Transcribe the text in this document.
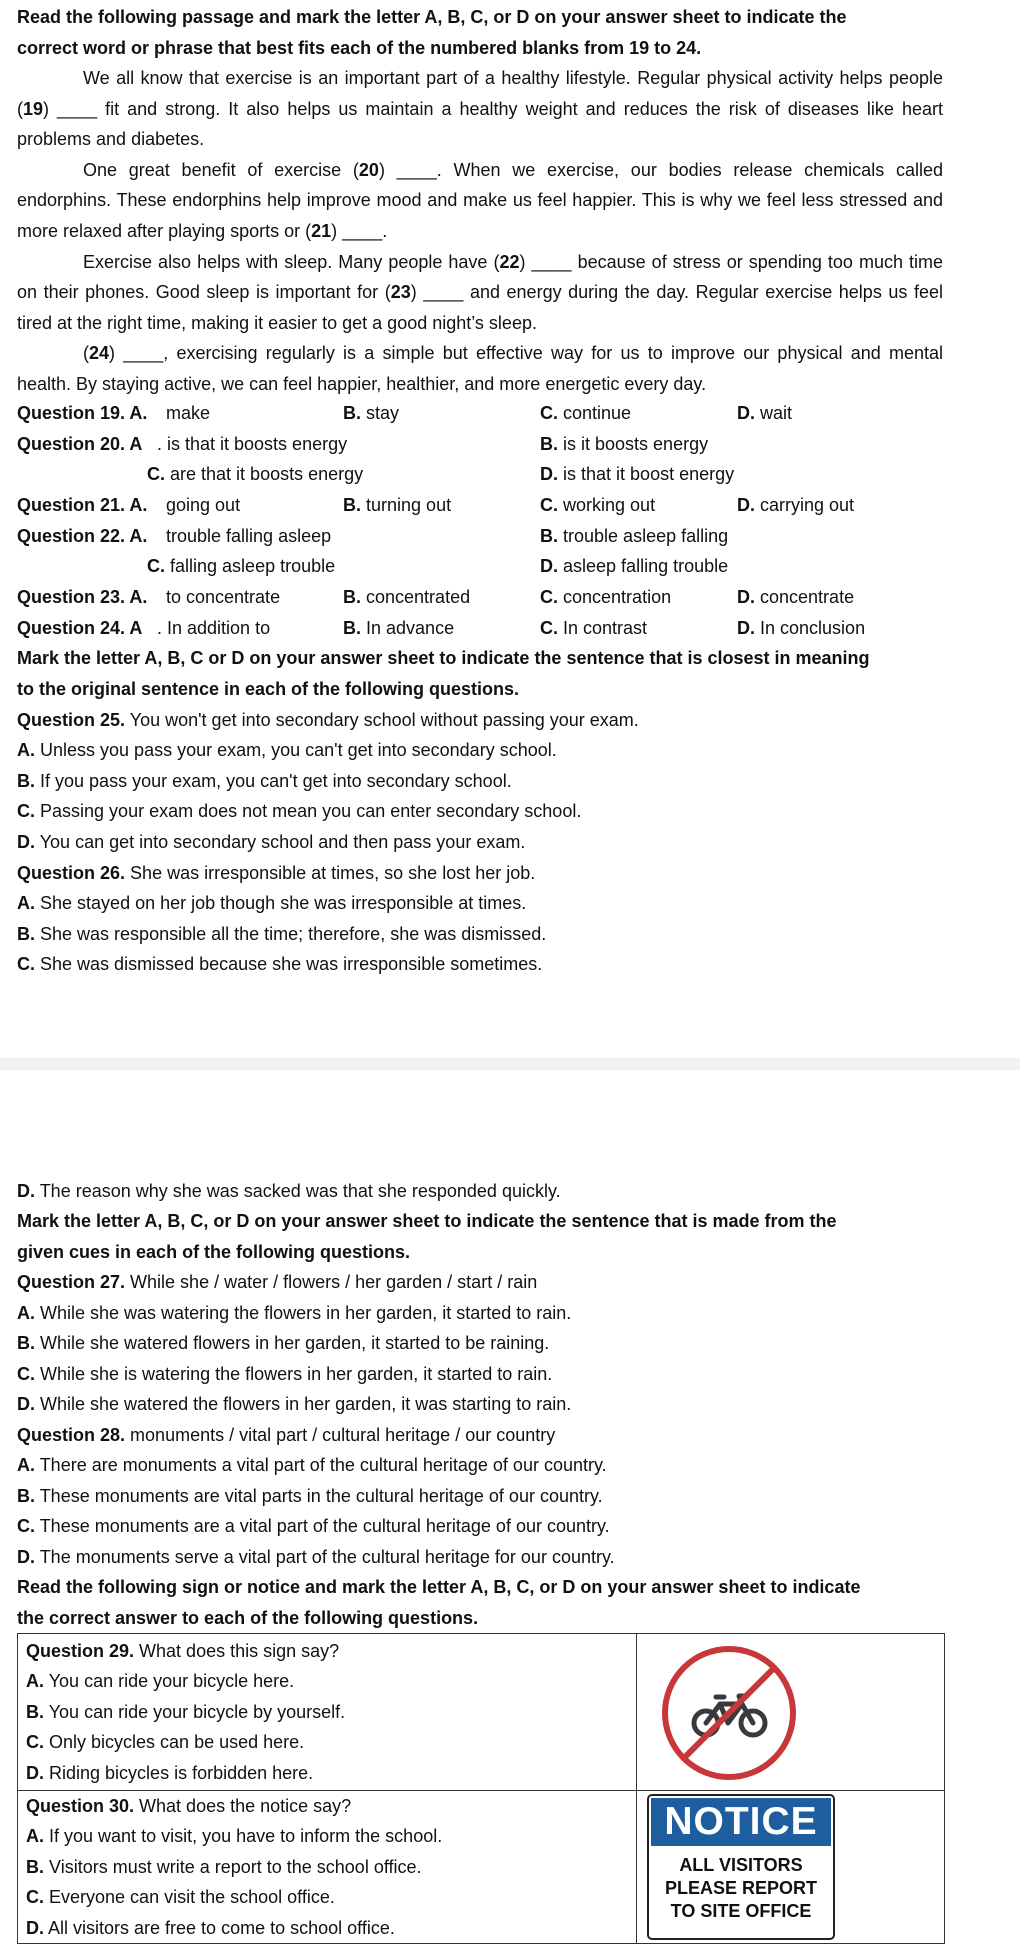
Read the following passage and mark the letter A, B, C, or D on your answer sheet to indicate the
correct word or phrase that best fits each of the numbered blanks from 19 to 24.

We all know that exercise is an important part of a healthy lifestyle. Regular physical activity helps people (19) ____ fit and strong. It also helps us maintain a healthy weight and reduces the risk of diseases like heart problems and diabetes.

One great benefit of exercise (20) ____. When we exercise, our bodies release chemicals called endorphins. These endorphins help improve mood and make us feel happier. This is why we feel less stressed and more relaxed after playing sports or (21) ____.

Exercise also helps with sleep. Many people have (22) ____ because of stress or spending too much time on their phones. Good sleep is important for (23) ____ and energy during the day. Regular exercise helps us feel tired at the right time, making it easier to get a good night’s sleep.

(24) ____, exercising regularly is a simple but effective way for us to improve our physical and mental health. By staying active, we can feel happier, healthier, and more energetic every day.

Question 19. A. make	B. stay	C. continue	D. wait
Question 20. A . is that it boosts energy	B. is it boosts energy
C. are that it boosts energy	D. is that it boost energy
Question 21. A. going out	B. turning out	C. working out	D. carrying out
Question 22. A. trouble falling asleep	B. trouble asleep falling
C. falling asleep trouble	D. asleep falling trouble
Question 23. A. to concentrate	B. concentrated	C. concentration	D. concentrate
Question 24. A . In addition to	B. In advance	C. In contrast	D. In conclusion
Mark the letter A, B, C or D on your answer sheet to indicate the sentence that is closest in meaning
to the original sentence in each of the following questions.
Question 25. You won't get into secondary school without passing your exam.
A. Unless you pass your exam, you can't get into secondary school.
B. If you pass your exam, you can't get into secondary school.
C. Passing your exam does not mean you can enter secondary school.
D. You can get into secondary school and then pass your exam.
Question 26. She was irresponsible at times, so she lost her job.
A. She stayed on her job though she was irresponsible at times.
B. She was responsible all the time; therefore, she was dismissed.
C. She was dismissed because she was irresponsible sometimes.
D. The reason why she was sacked was that she responded quickly.
Mark the letter A, B, C, or D on your answer sheet to indicate the sentence that is made from the
given cues in each of the following questions.
Question 27. While she / water / flowers / her garden / start / rain
A. While she was watering the flowers in her garden, it started to rain.
B. While she watered flowers in her garden, it started to be raining.
C. While she is watering the flowers in her garden, it started to rain.
D. While she watered the flowers in her garden, it was starting to rain.
Question 28. monuments / vital part / cultural heritage / our country
A. There are monuments a vital part of the cultural heritage of our country.
B. These monuments are vital parts in the cultural heritage of our country.
C. These monuments are a vital part of the cultural heritage of our country.
D. The monuments serve a vital part of the cultural heritage for our country.
Read the following sign or notice and mark the letter A, B, C, or D on your answer sheet to indicate
the correct answer to each of the following questions.
Question 29. What does this sign say?
A. You can ride your bicycle here.
B. You can ride your bicycle by yourself.
C. Only bicycles can be used here.
D. Riding bicycles is forbidden here.
Question 30. What does the notice say?
A. If you want to visit, you have to inform the school.
B. Visitors must write a report to the school office.
C. Everyone can visit the school office.
D. All visitors are free to come to school office.
NOTICE
ALL VISITORS
PLEASE REPORT
TO SITE OFFICE
